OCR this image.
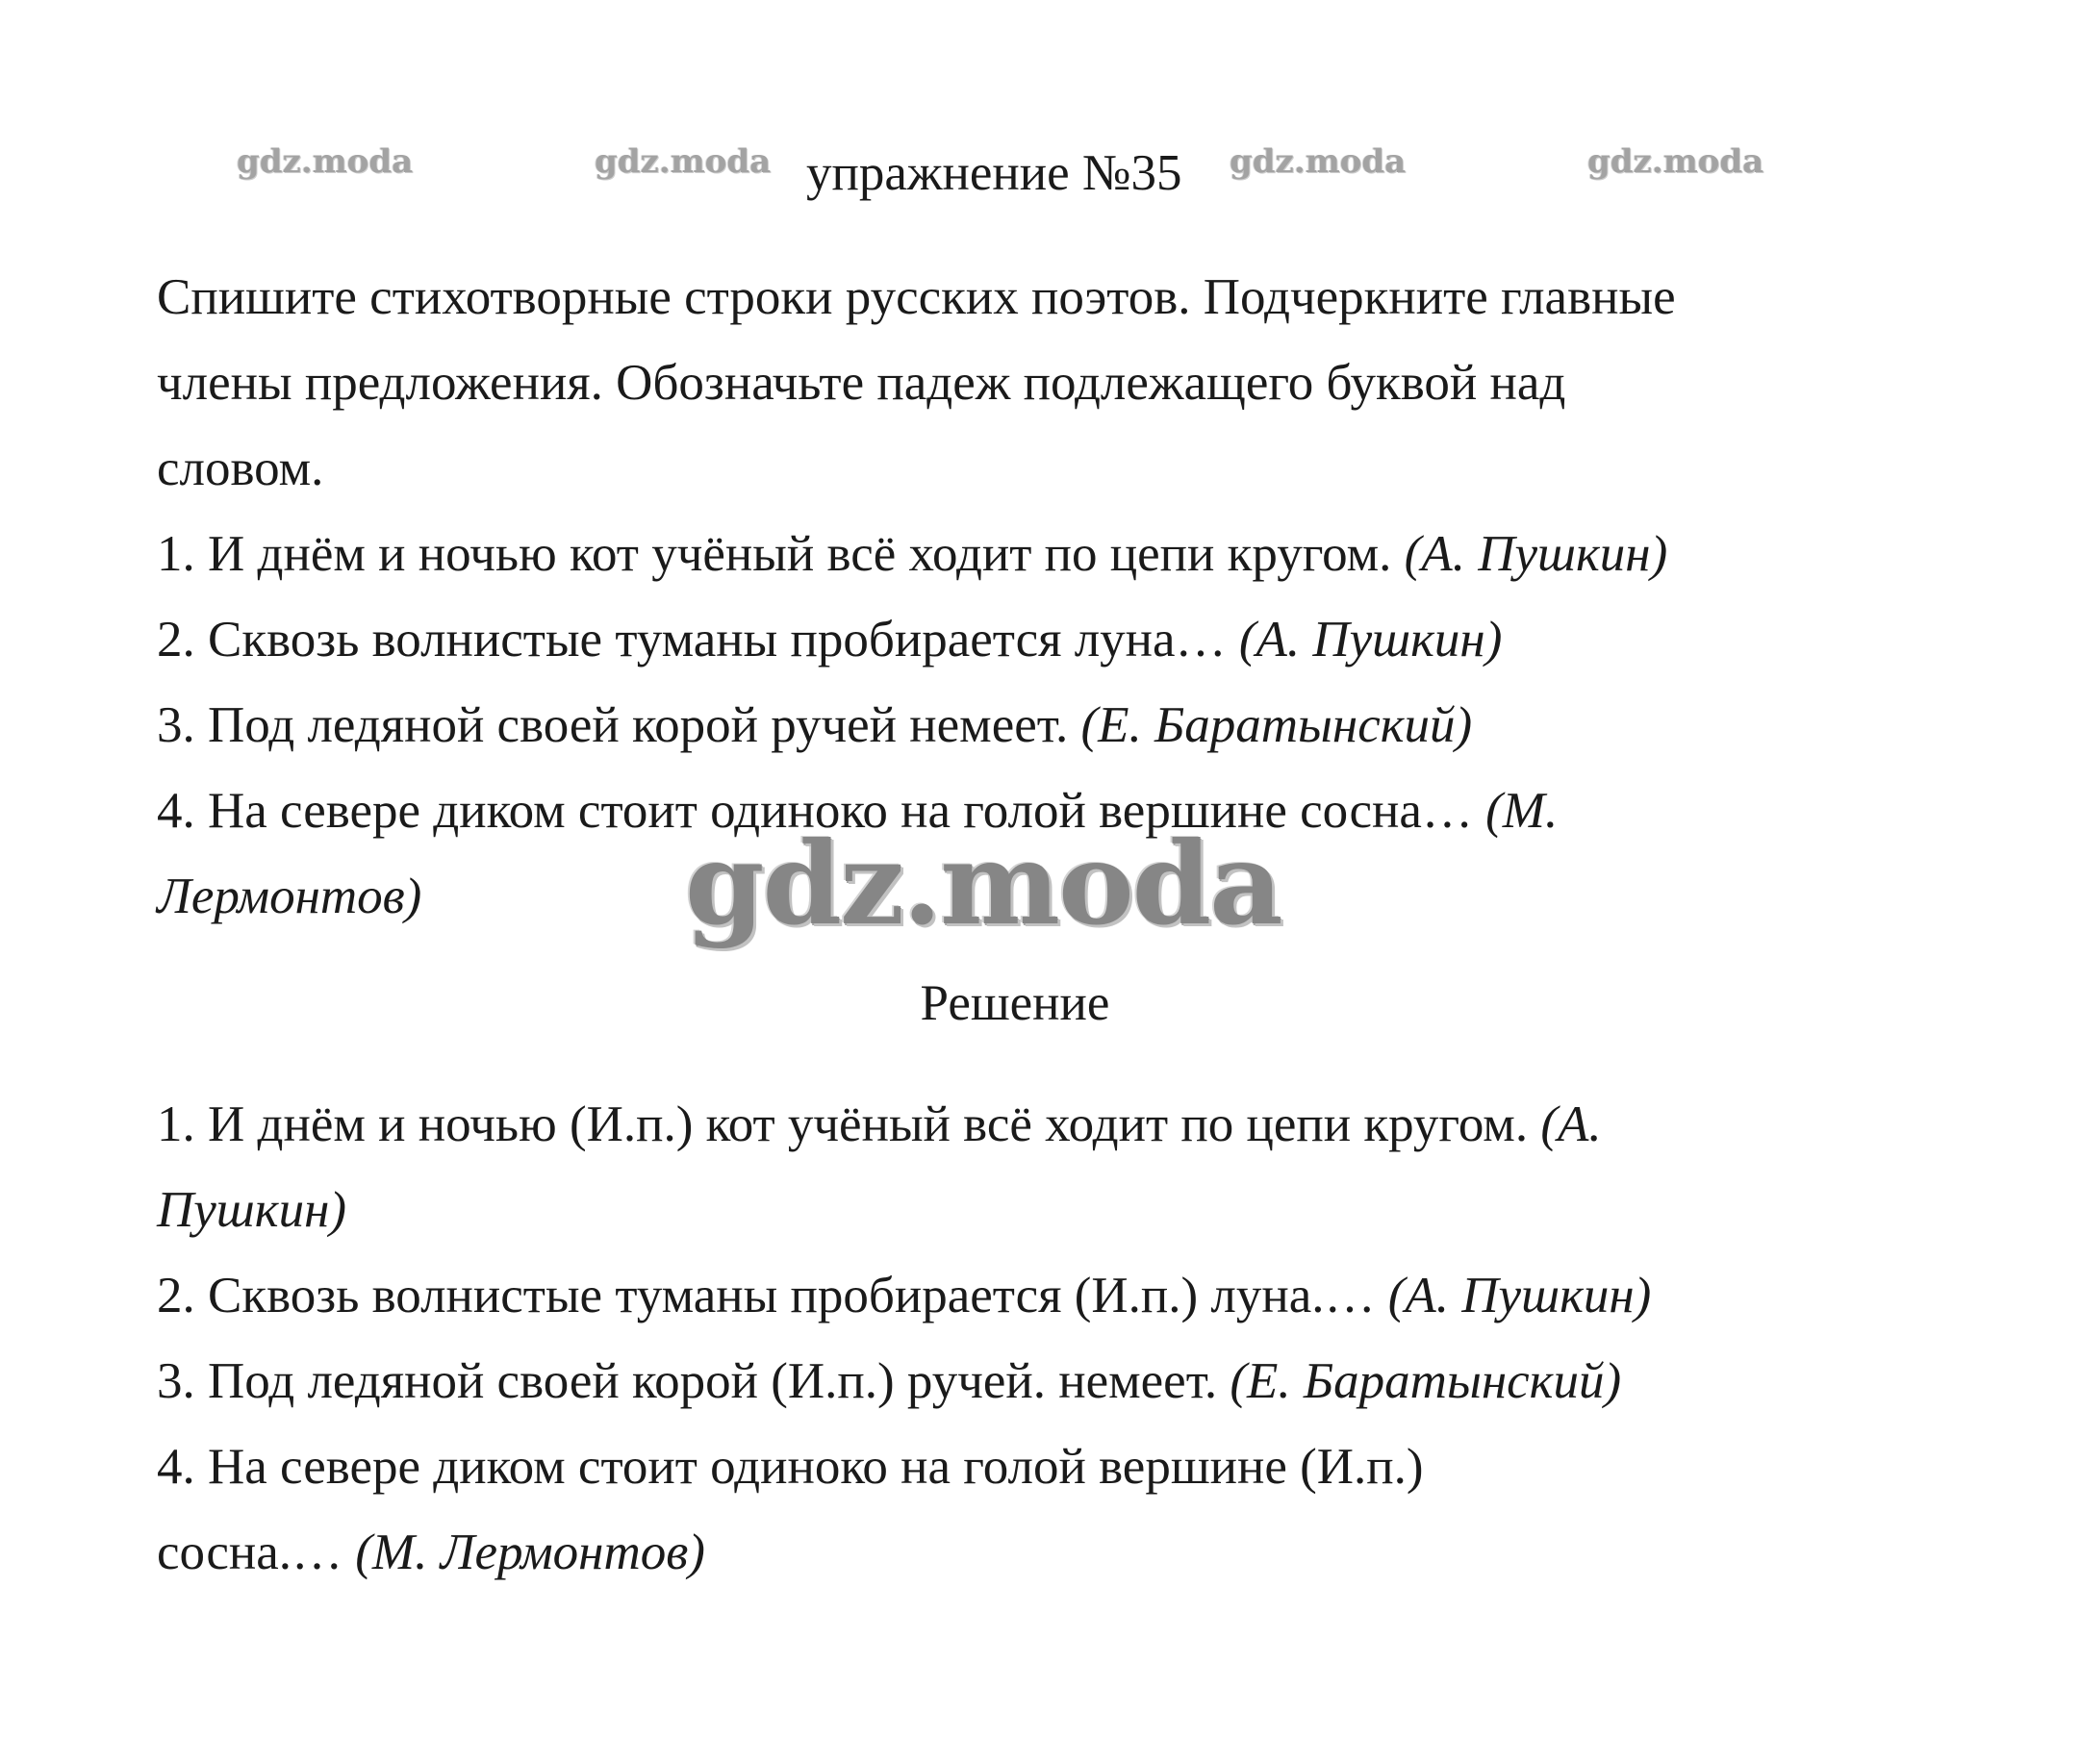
gdz.moda	gdz.moda	gdz.moda	gdz.moda
упражнение №35
Спишите стихотворные строки русских поэтов. Подчеркните главные
члены предложения. Обозначьте падеж подлежащего буквой над
словом.
1. И днём и ночью кот учёный всё ходит по цепи кругом. (А. Пушкин)
2. Сквозь волнистые туманы пробирается луна… (А. Пушкин)
3. Под ледяной своей корой ручей немеет. (Е. Баратынский)
4. На севере диком стоит одиноко на голой вершине сосна… (М.
Лермонтов)	gdz.moda
Решение
1. И днём и ночью (И.п.) кот учёный всё ходит по цепи кругом. (А.
Пушкин)
2. Сквозь волнистые туманы пробирается (И.п.) луна.… (А. Пушкин)
3. Под ледяной своей корой (И.п.) ручей. немеет. (Е. Баратынский)
4. На севере диком стоит одиноко на голой вершине (И.п.)
сосна.… (М. Лермонтов)
